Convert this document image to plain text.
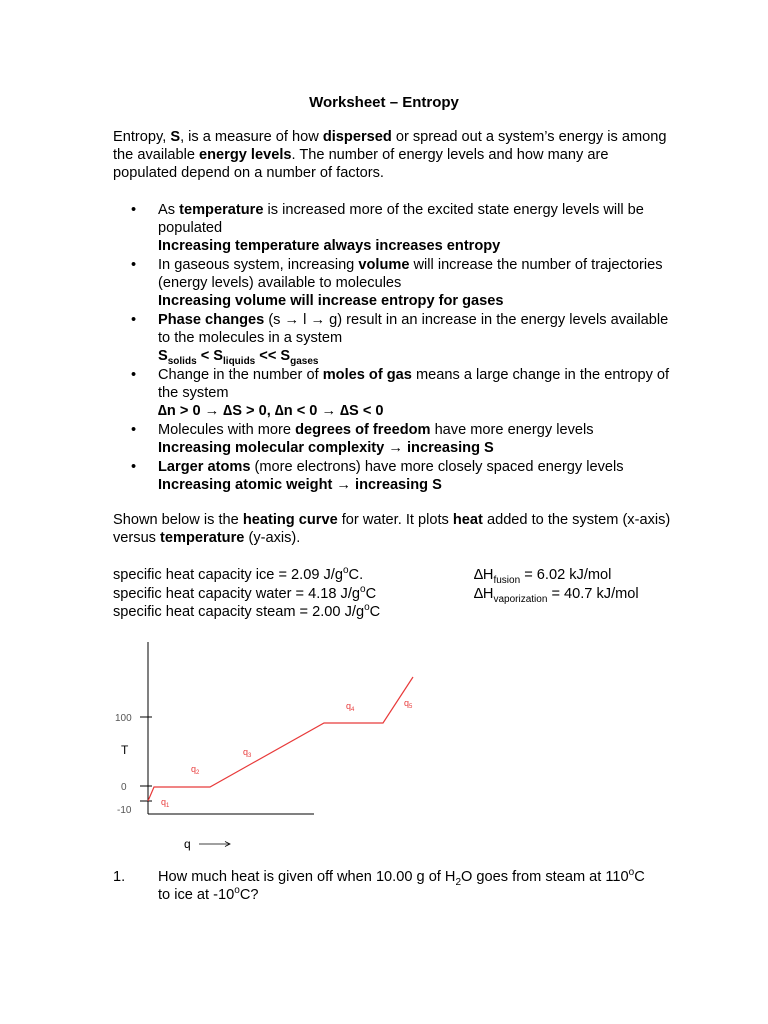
Worksheet – Entropy
Entropy, S, is a measure of how dispersed or spread out a system’s energy is among the available energy levels. The number of energy levels and how many are populated depend on a number of factors.
• As temperature is increased more of the excited state energy levels will be populated
Increasing temperature always increases entropy
• In gaseous system, increasing volume will increase the number of trajectories (energy levels) available to molecules
Increasing volume will increase entropy for gases
• Phase changes (s → l → g) result in an increase in the energy levels available to the molecules in a system
$S_{solids} < S_{liquids} << S_{gases}$
• Change in the number of moles of gas means a large change in the entropy of the system
∆n > 0 → ∆S > 0, ∆n < 0 → ∆S < 0
• Molecules with more degrees of freedom have more energy levels
Increasing molecular complexity → increasing S
• Larger atoms (more electrons) have more closely spaced energy levels
Increasing atomic weight → increasing S
Shown below is the heating curve for water. It plots heat added to the system (x-axis) versus temperature (y-axis).
specific heat capacity ice = 2.09 $J/g^oC$.
specific heat capacity water = 4.18 $J/g^oC$
specific heat capacity steam = 2.00 $J/g^oC$
$\Delta H_{fusion} = 6.02$ kJ/mol
$\Delta H_{vaporization} = 40.7$ kJ/mol
100
0
-10
T
q
$q_1$
$q_2$
$q_3$
$q_4$
$q_5$
1. How much heat is given off when 10.00 g of $H_2O$ goes from steam at 110$^o$C to ice at -10$^o$C?
